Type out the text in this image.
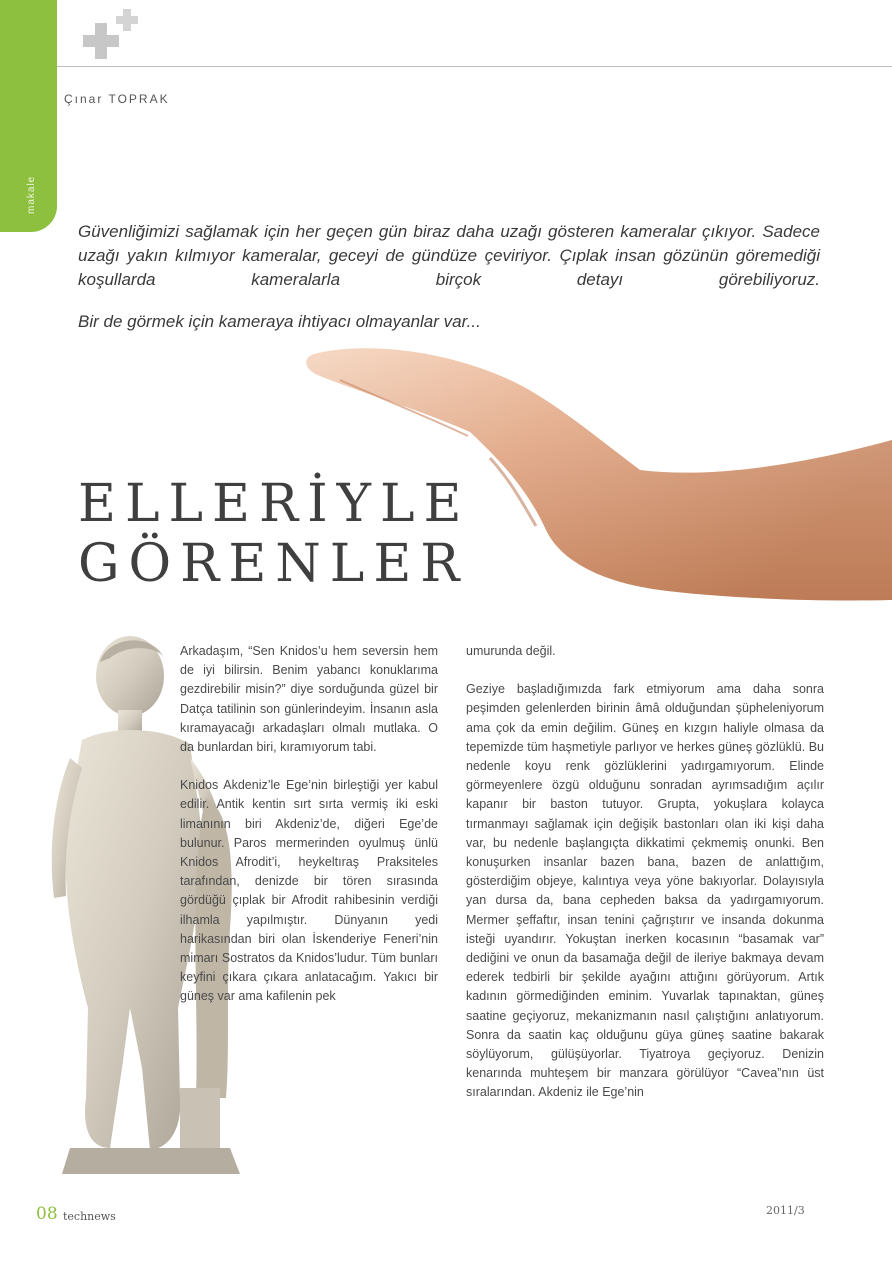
makale
Çınar TOPRAK
Güvenliğimizi sağlamak için her geçen gün biraz daha uzağı gösteren kameralar çıkıyor. Sadece uzağı yakın kılmıyor kameralar, geceyi de gündüze çeviriyor. Çıplak insan gözünün göremediği koşullarda kameralarla birçok detayı görebiliyoruz.
Bir de görmek için kameraya ihtiyacı olmayanlar var...
ELLERİYLE
GÖRENLER

Arkadaşım, “Sen Knidos’u hem seversin hem de iyi bilirsin. Benim yabancı konuklarıma gezdirebilir misin?” diye sorduğunda güzel bir Datça tatilinin son günlerindeyim. İnsanın asla kıramayacağı arkadaşları olmalı mutlaka. O da bunlardan biri, kıramıyorum tabi.

Knidos Akdeniz’le Ege’nin birleştiği yer kabul edilir. Antik kentin sırt sırta vermiş iki eski limanının biri Akdeniz’de, diğeri Ege’de bulunur. Paros mermerinden oyulmuş ünlü Knidos Afrodit’i, heykeltıraş Praksiteles tarafından, denizde bir tören sırasında gördüğü çıplak bir Afrodit rahibesinin verdiği ilhamla yapılmıştır. Dünyanın yedi harikasından biri olan İskenderiye Feneri’nin mimarı Sostratos da Knidos’ludur. Tüm bunları keyfini çıkara çıkara anlatacağım. Yakıcı bir güneş var ama kafilenin pek

umurunda değil.

Geziye başladığımızda fark etmiyorum ama daha sonra peşimden gelenlerden birinin âmâ olduğundan şüpheleniyorum ama çok da emin değilim. Güneş en kızgın haliyle olmasa da tepemizde tüm haşmetiyle parlıyor ve herkes güneş gözlüklü. Bu nedenle koyu renk gözlüklerini yadırgamıyorum. Elinde görmeyenlere özgü olduğunu sonradan ayrımsadığım açılır kapanır bir baston tutuyor. Grupta, yokuşlara kolayca tırmanmayı sağlamak için değişik bastonları olan iki kişi daha var, bu nedenle başlangıçta dikkatimi çekmemiş onunki. Ben konuşurken insanlar bazen bana, bazen de anlattığım, gösterdiğim objeye, kalıntıya veya yöne bakıyorlar. Dolayısıyla yan dursa da, bana cepheden baksa da yadırgamıyorum. Mermer şeffaftır, insan tenini çağrıştırır ve insanda dokunma isteği uyandırır. Yokuştan inerken kocasının “basamak var” dediğini ve onun da basamağa değil de ileriye bakmaya devam ederek tedbirli bir şekilde ayağını attığını görüyorum. Artık kadının görmediğinden eminim. Yuvarlak tapınaktan, güneş saatine geçiyoruz, mekanizmanın nasıl çalıştığını anlatıyorum. Sonra da saatin kaç olduğunu güya güneş saatine bakarak söylüyorum, gülüşüyorlar. Tiyatroya geçiyoruz. Denizin kenarında muhteşem bir manzara görülüyor “Cavea”nın üst sıralarından. Akdeniz ile Ege’nin

08 technews	2011/3
